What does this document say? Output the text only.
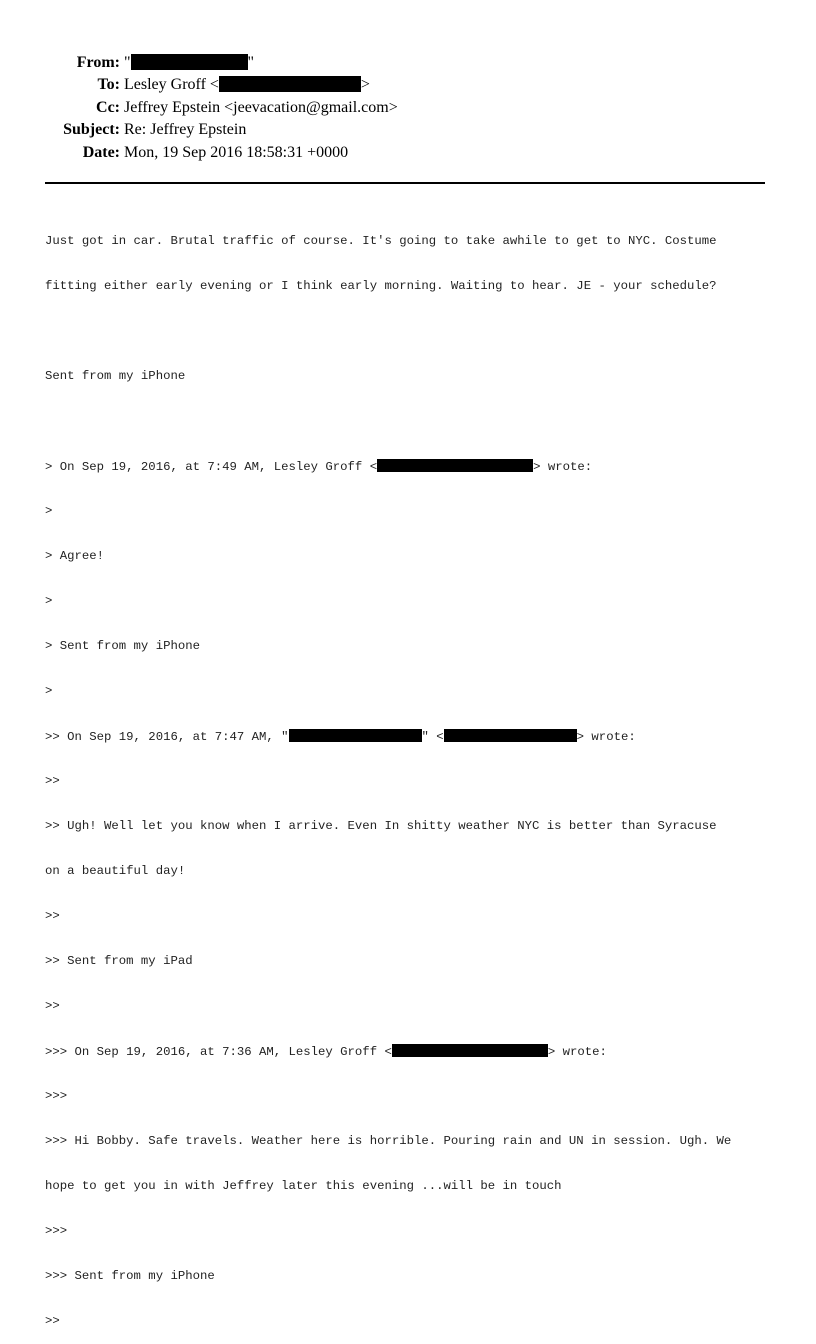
From: "	"
To: Lesley Groff <	>
Cc: Jeffrey Epstein <jeevacation@gmail.com>
Subject: Re: Jeffrey Epstein
Date: Mon, 19 Sep 2016 18:58:31 +0000

Just got in car. Brutal traffic of course. It's going to take awhile to get to NYC. Costume

fitting either early evening or I think early morning. Waiting to hear. JE - your schedule?

Sent from my iPhone

> On Sep 19, 2016, at 7:49 AM, Lesley Groff <	> wrote:

>

> Agree!

>

> Sent from my iPhone

>

>> On Sep 19, 2016, at 7:47 AM, "	" <	> wrote:

>>

>> Ugh! Well let you know when I arrive. Even In shitty weather NYC is better than Syracuse

on a beautiful day!

>>

>> Sent from my iPad

>>

>>> On Sep 19, 2016, at 7:36 AM, Lesley Groff <	> wrote:

>>>

>>> Hi Bobby. Safe travels. Weather here is horrible. Pouring rain and UN in session. Ugh. We

hope to get you in with Jeffrey later this evening ...will be in touch

>>>

>>> Sent from my iPhone

>>
